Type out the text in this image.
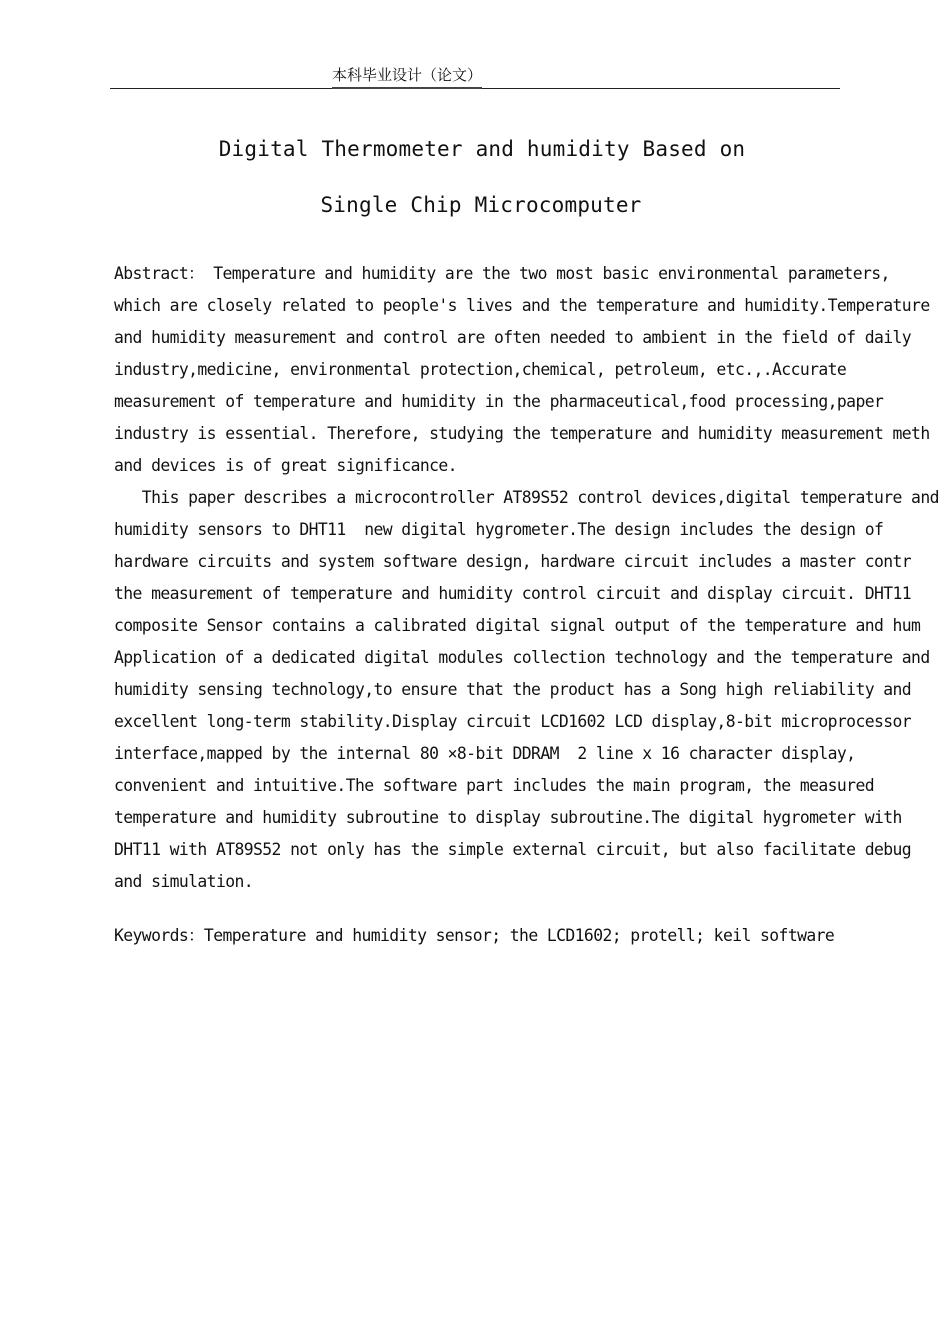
本科毕业设计（论文）
Digital Thermometer and humidity Based on
Single Chip Microcomputer
Abstract： Temperature and humidity are the two most basic environmental parameters,
which are closely related to people's lives and the temperature and humidity.Temperature
and humidity measurement and control are often needed to ambient in the field of daily
industry,medicine, environmental protection,chemical, petroleum, etc.,.Accurate
measurement of temperature and humidity in the pharmaceutical,food processing,paper
industry is essential. Therefore, studying the temperature and humidity measurement meth
and devices is of great significance.
This paper describes a microcontroller AT89S52 control devices,digital temperature and
humidity sensors to DHT11  new digital hygrometer.The design includes the design of
hardware circuits and system software design, hardware circuit includes a master contr
the measurement of temperature and humidity control circuit and display circuit. DHT11
composite Sensor contains a calibrated digital signal output of the temperature and hum
Application of a dedicated digital modules collection technology and the temperature and
humidity sensing technology,to ensure that the product has a Song high reliability and
excellent long-term stability.Display circuit LCD1602 LCD display,8-bit microprocessor
interface,mapped by the internal 80 ×8-bit DDRAM  2 line x 16 character display,
convenient and intuitive.The software part includes the main program, the measured
temperature and humidity subroutine to display subroutine.The digital hygrometer with
DHT11 with AT89S52 not only has the simple external circuit, but also facilitate debug
and simulation.
Keywords：Temperature and humidity sensor; the LCD1602; protell; keil software
